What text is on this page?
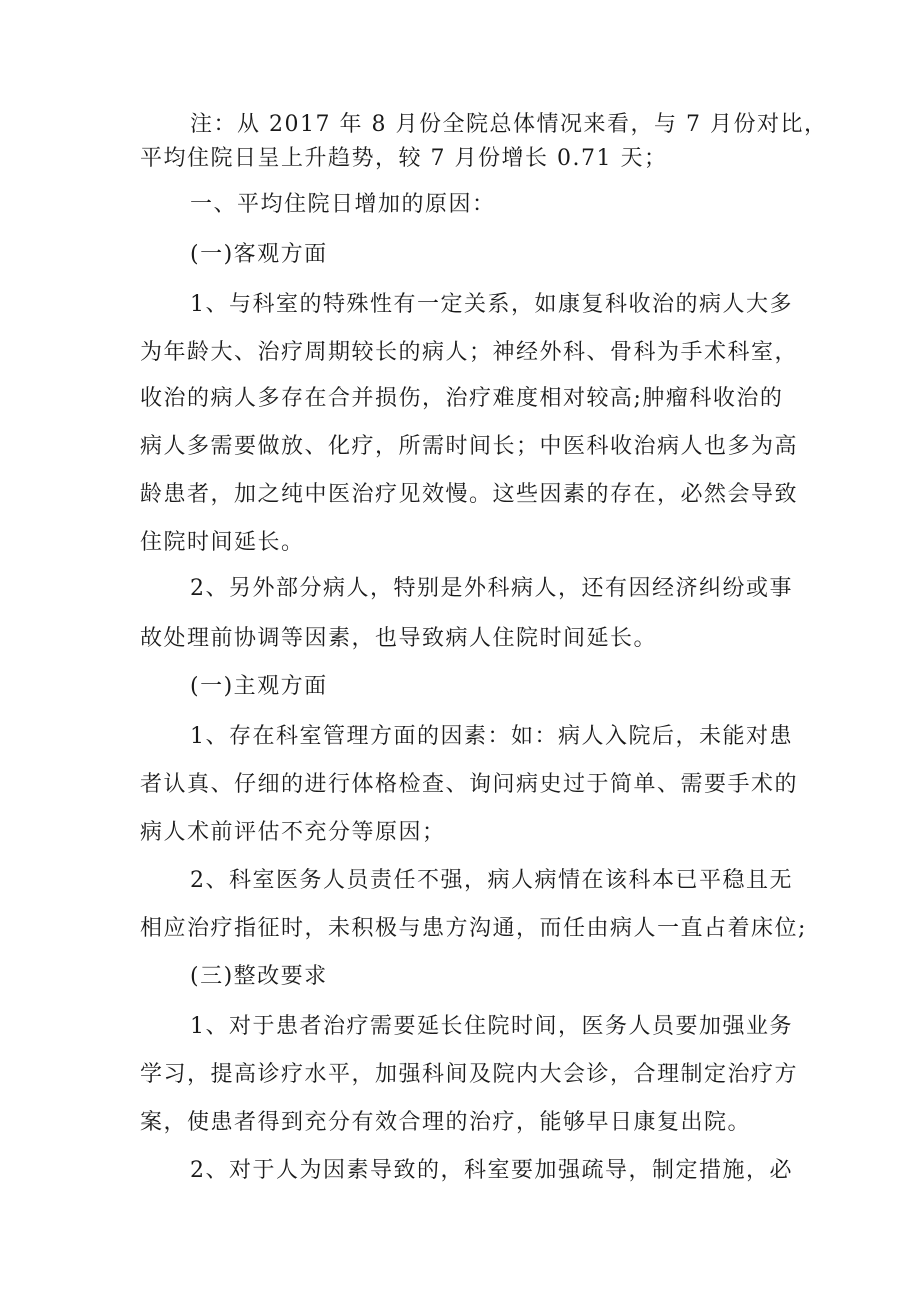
注：从 2017 年 8 月份全院总体情况来看，与 7 月份对比，
平均住院日呈上升趋势，较 7 月份增长 0.71 天；
一、平均住院日增加的原因：
(一)客观方面
1、与科室的特殊性有一定关系，如康复科收治的病人大多
为年龄大、治疗周期较长的病人；神经外科、骨科为手术科室，
收治的病人多存在合并损伤，治疗难度相对较高;肿瘤科收治的
病人多需要做放、化疗，所需时间长；中医科收治病人也多为高
龄患者，加之纯中医治疗见效慢。这些因素的存在，必然会导致
住院时间延长。
2、另外部分病人，特别是外科病人，还有因经济纠纷或事
故处理前协调等因素，也导致病人住院时间延长。
(一)主观方面
1、存在科室管理方面的因素：如：病人入院后，未能对患
者认真、仔细的进行体格检查、询问病史过于简单、需要手术的
病人术前评估不充分等原因；
2、科室医务人员责任不强，病人病情在该科本已平稳且无
相应治疗指征时，未积极与患方沟通，而任由病人一直占着床位;
(三)整改要求
1、对于患者治疗需要延长住院时间，医务人员要加强业务
学习，提高诊疗水平，加强科间及院内大会诊，合理制定治疗方
案，使患者得到充分有效合理的治疗，能够早日康复出院。
2、对于人为因素导致的，科室要加强疏导，制定措施，必
